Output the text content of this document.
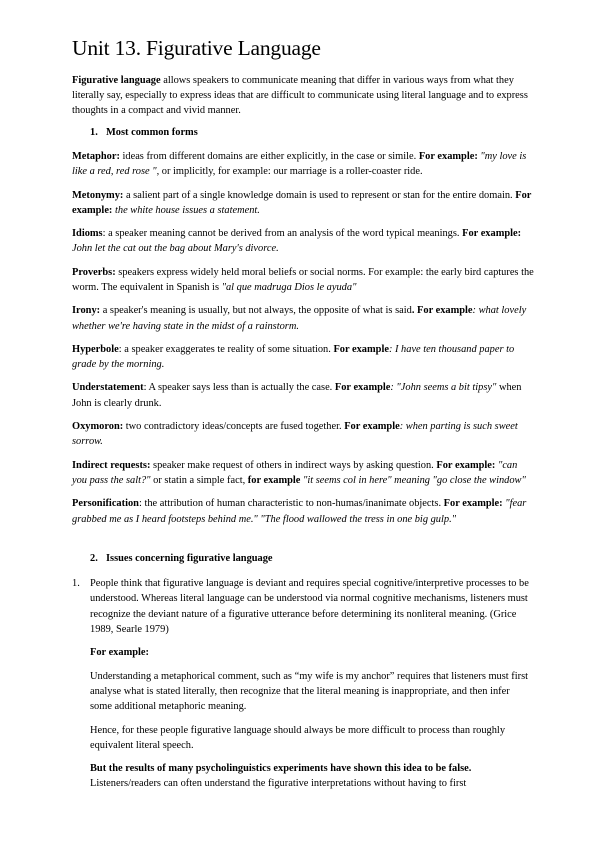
Unit 13. Figurative Language

Figurative language allows speakers to communicate meaning that differ in various ways from what they literally say, especially to express ideas that are difficult to communicate using literal language and to express thoughts in a compact and vivid manner.

1. Most common forms

Metaphor: ideas from different domains are either explicitly, in the case or simile. For example: "my love is like a red, red rose ", or implicitly, for example: our marriage is a roller-coaster ride.

Metonymy: a salient part of a single knowledge domain is used to represent or stan for the entire domain. For example: the white house issues a statement.

Idioms: a speaker meaning cannot be derived from an analysis of the word typical meanings. For example: John let the cat out the bag about Mary's divorce.

Proverbs: speakers express widely held moral beliefs or social norms. For example: the early bird captures the worm. The equivalent in Spanish is "al que madruga Dios le ayuda"

Irony: a speaker's meaning is usually, but not always, the opposite of what is said. For example: what lovely whether we're having state in the midst of a rainstorm.

Hyperbole: a speaker exaggerates te reality of some situation. For example: I have ten thousand paper to grade by the morning.

Understatement: A speaker says less than is actually the case. For example: "John seems a bit tipsy" when John is clearly drunk.

Oxymoron: two contradictory ideas/concepts are fused together. For example: when parting is such sweet sorrow.

Indirect requests: speaker make request of others in indirect ways by asking question. For example: "can you pass the salt?" or statin a simple fact, for example "it seems col in here" meaning "go close the window"

Personification: the attribution of human characteristic to non-humas/inanimate objects. For example: "fear grabbed me as I heard footsteps behind me." "The flood wallowed the tress in one big gulp."

2. Issues concerning figurative language
1. People think that figurative language is deviant and requires special cognitive/interpretive processes to be understood. Whereas literal language can be understood via normal cognitive mechanisms, listeners must recognize the deviant nature of a figurative utterance before determining its nonliteral meaning. (Grice 1989, Searle 1979)

For example:

Understanding a metaphorical comment, such as “my wife is my anchor” requires that listeners must first analyse what is stated literally, then recognize that the literal meaning is inappropriate, and then infer some additional metaphoric meaning.

Hence, for these people figurative language should always be more difficult to process than roughly equivalent literal speech.

But the results of many psycholinguistics experiments have shown this idea to be false.

Listeners/readers can often understand the figurative interpretations without having to first
